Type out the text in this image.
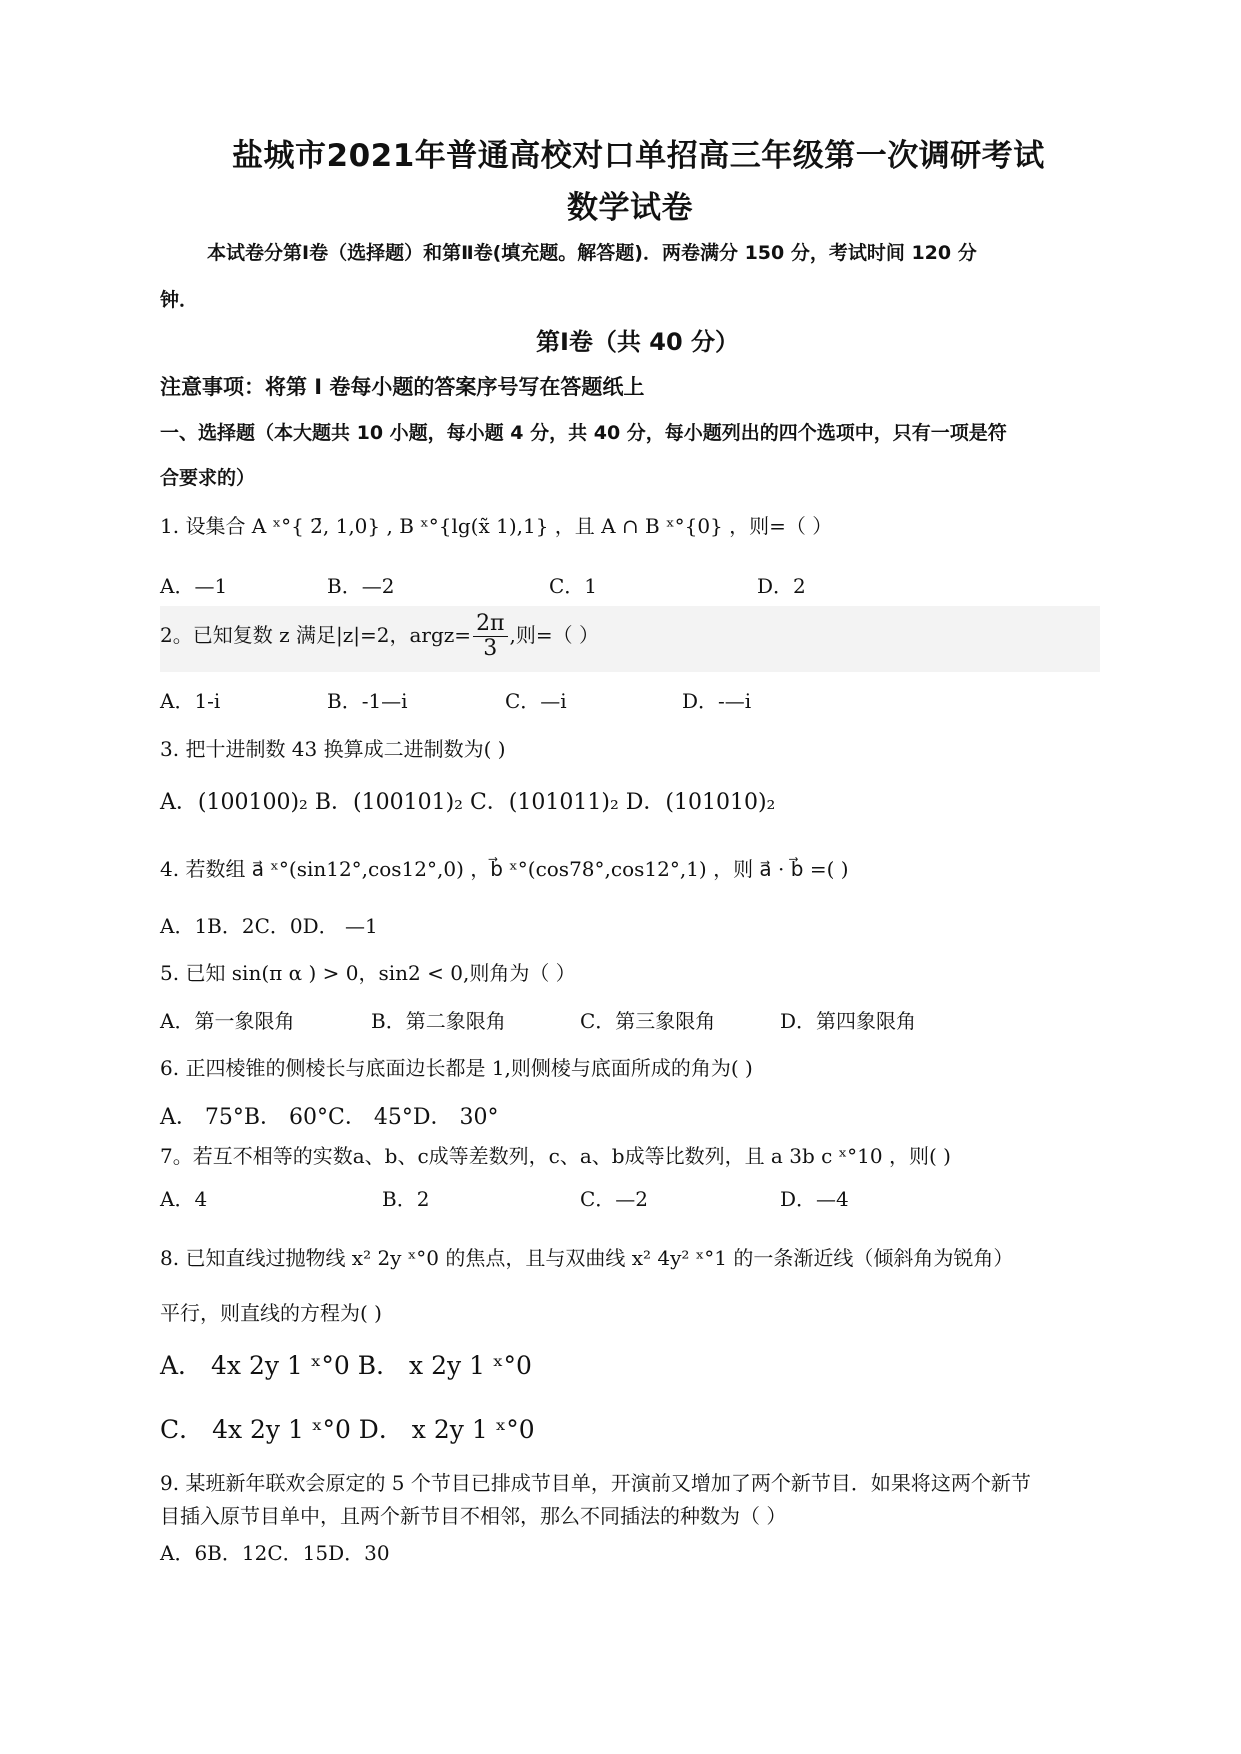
盐城市2021年普通高校对口单招高三年级第一次调研考试
数学试卷
本试卷分第Ⅰ卷（选择题）和第Ⅱ卷(填充题。解答题)．两卷满分 150 分，考试时间 120 分
钟．
第Ⅰ卷（共 40 分）
注意事项：将第 Ⅰ 卷每小题的答案序号写在答题纸上
一、选择题（本大题共 10 小题，每小题 4 分，共 40 分，每小题列出的四个选项中，只有一项是符
合要求的）
1. 设集合 A ˣ°{ 2̄, 1,0} , B ˣ°{lg(x̃ 1),1} ，且 A ∩ B ˣ°{0} ，则=（ ）
A．—1	B．—2	C．1	D．2
2。已知复数 z 满足|z|=2，argz= $\frac{2\pi}{3}$ ,则=（ ）
A．1-i	B．-1—i	C．—i	D．-—i
3. 把十进制数 43 换算成二进制数为( )
A．(100100)₂ B．(100101)₂ C．(101011)₂ D．(101010)₂
4. 若数组 a⃗ ˣ°(sin12°,cos12°,0) ，b⃗ ˣ°(cos78°,cos12°,1) ，则 a⃗ · b⃗ =( )
A．1B．2C．0D． —1
5. 已知 sin(π α ) > 0，sin2 < 0,则角为（ ）
A．第一象限角	B．第二象限角	C．第三象限角	D．第四象限角
6. 正四棱锥的侧棱长与底面边长都是 1,则侧棱与底面所成的角为( )
A． 75°B． 60°C． 45°D． 30°
7。若互不相等的实数a、b、c成等差数列，c、a、b成等比数列，且 a 3b c ˣ°10 ，则( )
A．4	B．2	C．—2	D．—4
8. 已知直线过抛物线 x² 2y ˣ°0 的焦点，且与双曲线 x² 4y² ˣ°1 的一条渐近线（倾斜角为锐角）
平行，则直线的方程为( )
A． 4x 2y 1 ˣ°0 B． x 2y 1 ˣ°0
C． 4x 2y 1 ˣ°0 D． x 2y 1 ˣ°0
9. 某班新年联欢会原定的 5 个节目已排成节目单，开演前又增加了两个新节目．如果将这两个新节
目插入原节目单中，且两个新节目不相邻，那么不同插法的种数为（ ）
A．6B．12C．15D．30
